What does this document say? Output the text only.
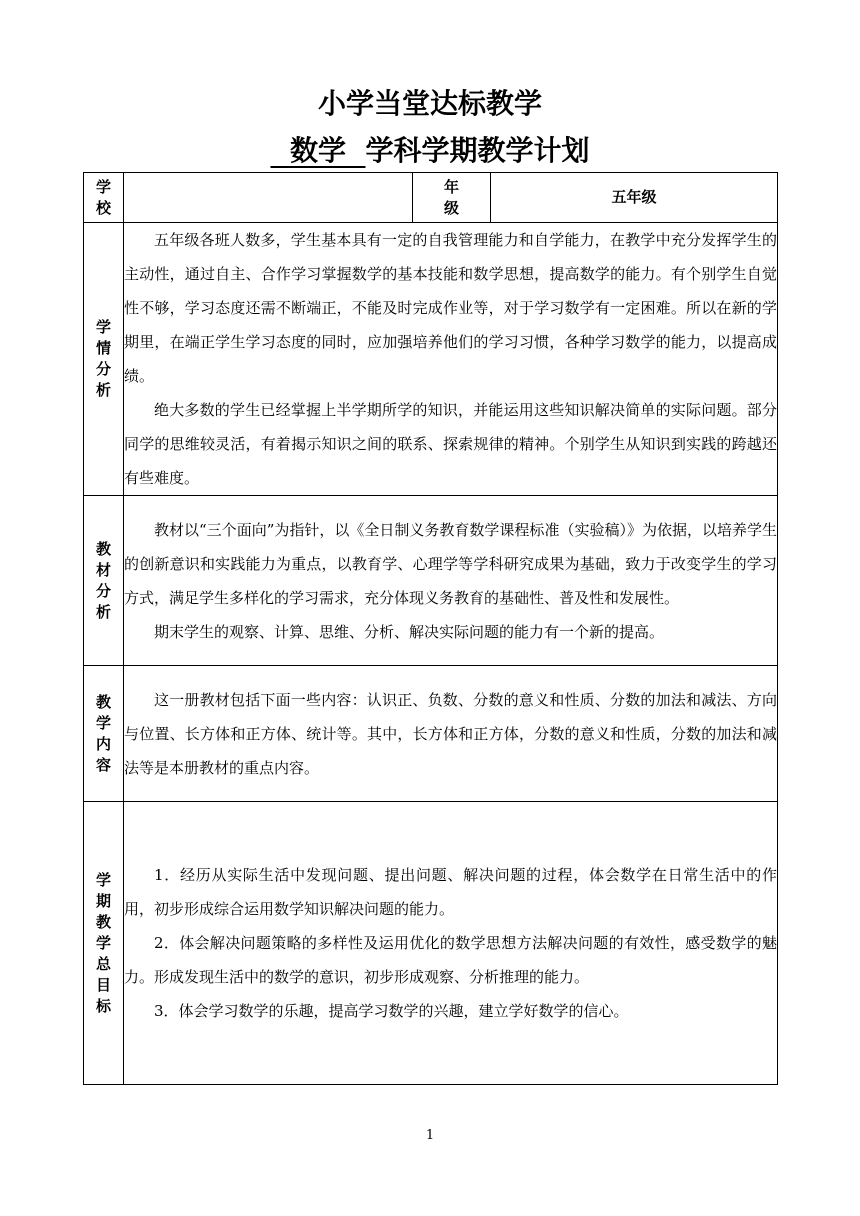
小学当堂达标教学
数学 学科学期教学计划
学校		年级	五年级

学情分析	五年级各班人数多，学生基本具有一定的自我管理能力和自学能力，在教学中充分发挥学生的主动性，通过自主、合作学习掌握数学的基本技能和数学思想，提高数学的能力。有个别学生自觉性不够，学习态度还需不断端正，不能及时完成作业等，对于学习数学有一定困难。所以在新的学期里，在端正学生学习态度的同时，应加强培养他们的学习习惯，各种学习数学的能力，以提高成绩。

绝大多数的学生已经掌握上半学期所学的知识，并能运用这些知识解决简单的实际问题。部分同学的思维较灵活，有着揭示知识之间的联系、探索规律的精神。个别学生从知识到实践的跨越还有些难度。		

教材分析	教材以“三个面向”为指针，以《全日制义务教育数学课程标准（实验稿）》为依据，以培养学生的创新意识和实践能力为重点，以教育学、心理学等学科研究成果为基础，致力于改变学生的学习方式，满足学生多样化的学习需求，充分体现义务教育的基础性、普及性和发展性。

期末学生的观察、计算、思维、分析、解决实际问题的能力有一个新的提高。		

教学内容	这一册教材包括下面一些内容：认识正、负数、分数的意义和性质、分数的加法和减法、方向与位置、长方体和正方体、统计等。其中，长方体和正方体，分数的意义和性质，分数的加法和减法等是本册教材的重点内容。		

学期教学总目标	1．经历从实际生活中发现问题、提出问题、解决问题的过程，体会数学在日常生活中的作用，初步形成综合运用数学知识解决问题的能力。

2．体会解决问题策略的多样性及运用优化的数学思想方法解决问题的有效性，感受数学的魅力。形成发现生活中的数学的意识，初步形成观察、分析推理的能力。

3．体会学习数学的乐趣，提高学习数学的兴趣，建立学好数学的信心。		

1
